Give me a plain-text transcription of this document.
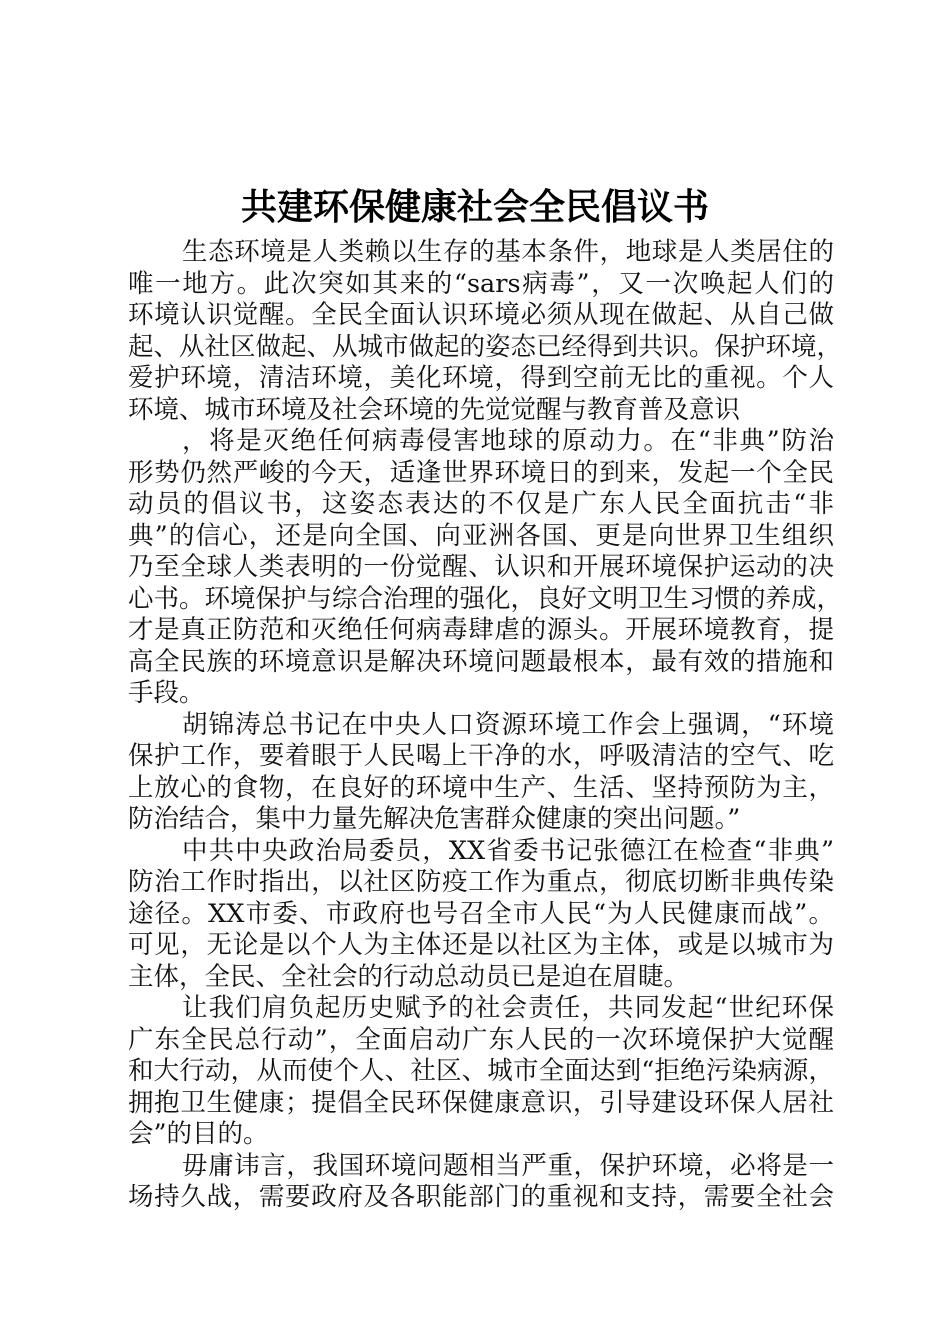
共建环保健康社会全民倡议书
生态环境是人类赖以生存的基本条件，地球是人类居住的
唯一地方。此次突如其来的“sars病毒”，又一次唤起人们的
环境认识觉醒。全民全面认识环境必须从现在做起、从自己做
起、从社区做起、从城市做起的姿态已经得到共识。保护环境，
爱护环境，清洁环境，美化环境，得到空前无比的重视。个人
环境、城市环境及社会环境的先觉觉醒与教育普及意识
，将是灭绝任何病毒侵害地球的原动力。在“非典”防治
形势仍然严峻的今天，适逢世界环境日的到来，发起一个全民
动员的倡议书，这姿态表达的不仅是广东人民全面抗击“非
典”的信心，还是向全国、向亚洲各国、更是向世界卫生组织
乃至全球人类表明的一份觉醒、认识和开展环境保护运动的决
心书。环境保护与综合治理的强化，良好文明卫生习惯的养成，
才是真正防范和灭绝任何病毒肆虐的源头。开展环境教育，提
高全民族的环境意识是解决环境问题最根本，最有效的措施和
手段。
胡锦涛总书记在中央人口资源环境工作会上强调，“环境
保护工作，要着眼于人民喝上干净的水，呼吸清洁的空气、吃
上放心的食物，在良好的环境中生产、生活、坚持预防为主，
防治结合，集中力量先解决危害群众健康的突出问题。”
中共中央政治局委员，XX省委书记张德江在检查“非典”
防治工作时指出，以社区防疫工作为重点，彻底切断非典传染
途径。XX市委、市政府也号召全市人民“为人民健康而战”。
可见，无论是以个人为主体还是以社区为主体，或是以城市为
主体，全民、全社会的行动总动员已是迫在眉睫。
让我们肩负起历史赋予的社会责任，共同发起“世纪环保
广东全民总行动”，全面启动广东人民的一次环境保护大觉醒
和大行动，从而使个人、社区、城市全面达到“拒绝污染病源，
拥抱卫生健康；提倡全民环保健康意识，引导建设环保人居社
会”的目的。
毋庸讳言，我国环境问题相当严重，保护环境，必将是一
场持久战，需要政府及各职能部门的重视和支持，需要全社会
